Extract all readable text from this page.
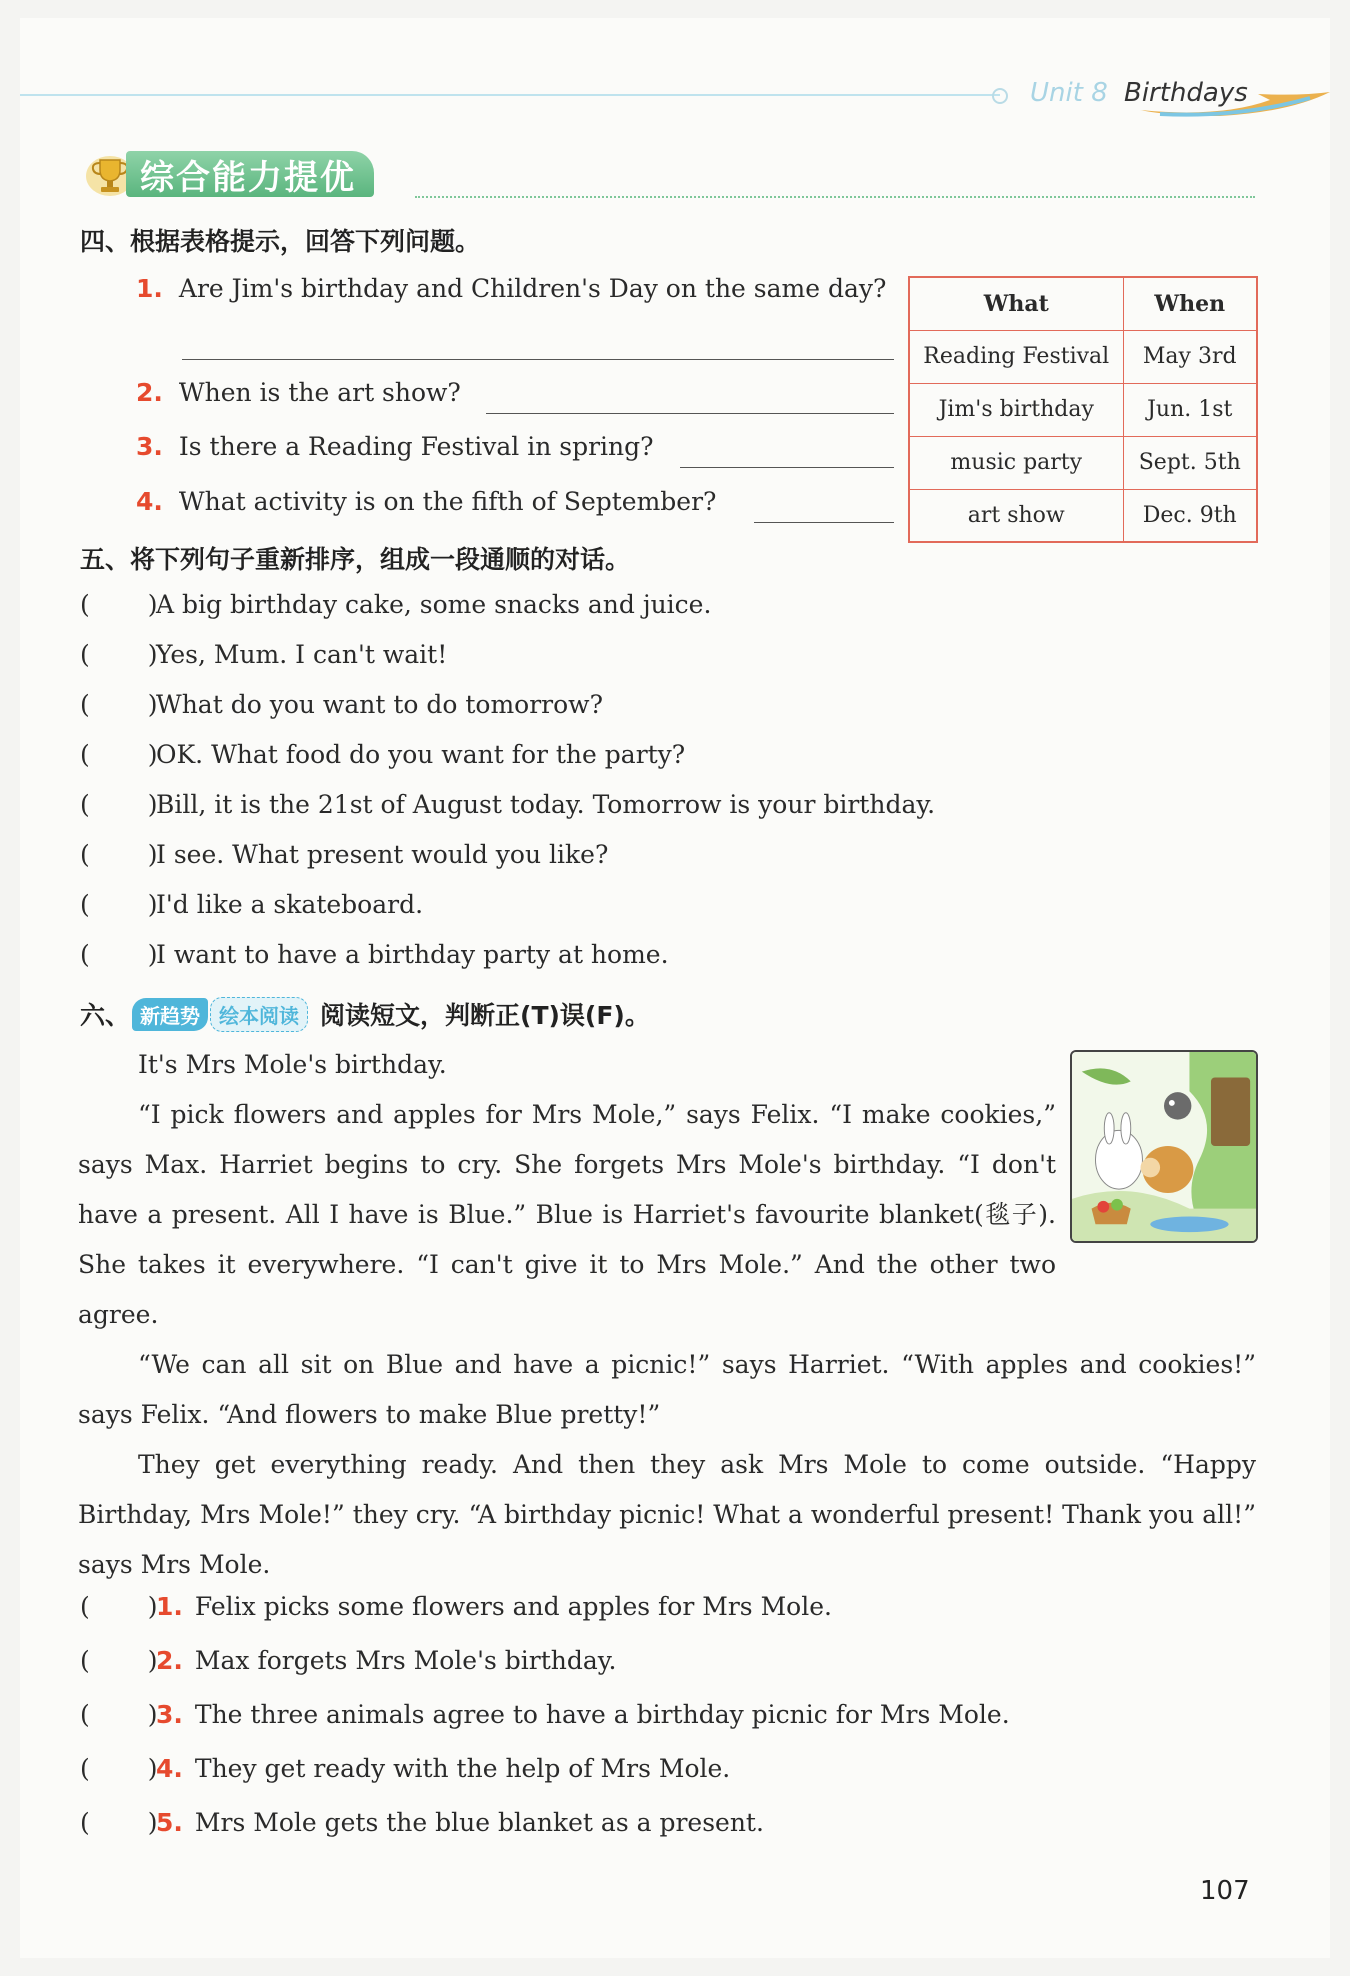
Unit 8 Birthdays
综合能力提优
四、根据表格提示，回答下列问题。
1. Are Jim's birthday and Children's Day on the same day?
2. When is the art show?
3. Is there a Reading Festival in spring?
4. What activity is on the fifth of September?
What	When
Reading Festival	May 3rd
Jim's birthday	Jun. 1st
music party	Sept. 5th
art show	Dec. 9th
五、将下列句子重新排序，组成一段通顺的对话。
( )A big birthday cake, some snacks and juice.
( )Yes, Mum. I can't wait!
( )What do you want to do tomorrow?
( )OK. What food do you want for the party?
( )Bill, it is the 21st of August today. Tomorrow is your birthday.
( )I see. What present would you like?
( )I'd like a skateboard.
( )I want to have a birthday party at home.
六、 新趋势 绘本阅读 阅读短文，判断正(T)误(F)。
It's Mrs Mole's birthday.
“I pick flowers and apples for Mrs Mole,” says Felix. “I make cookies,” says Max. Harriet begins to cry. She forgets Mrs Mole's birthday. “I don't have a present. All I have is Blue.” Blue is Harriet's favourite blanket(毯子). She takes it everywhere. “I can't give it to Mrs Mole.” And the other two agree.
“We can all sit on Blue and have a picnic!” says Harriet. “With apples and cookies!” says Felix. “And flowers to make Blue pretty!”
They get everything ready. And then they ask Mrs Mole to come outside. “Happy Birthday, Mrs Mole!” they cry. “A birthday picnic! What a wonderful present! Thank you all!” says Mrs Mole.
( )1. Felix picks some flowers and apples for Mrs Mole.
( )2. Max forgets Mrs Mole's birthday.
( )3. The three animals agree to have a birthday picnic for Mrs Mole.
( )4. They get ready with the help of Mrs Mole.
( )5. Mrs Mole gets the blue blanket as a present.
107
